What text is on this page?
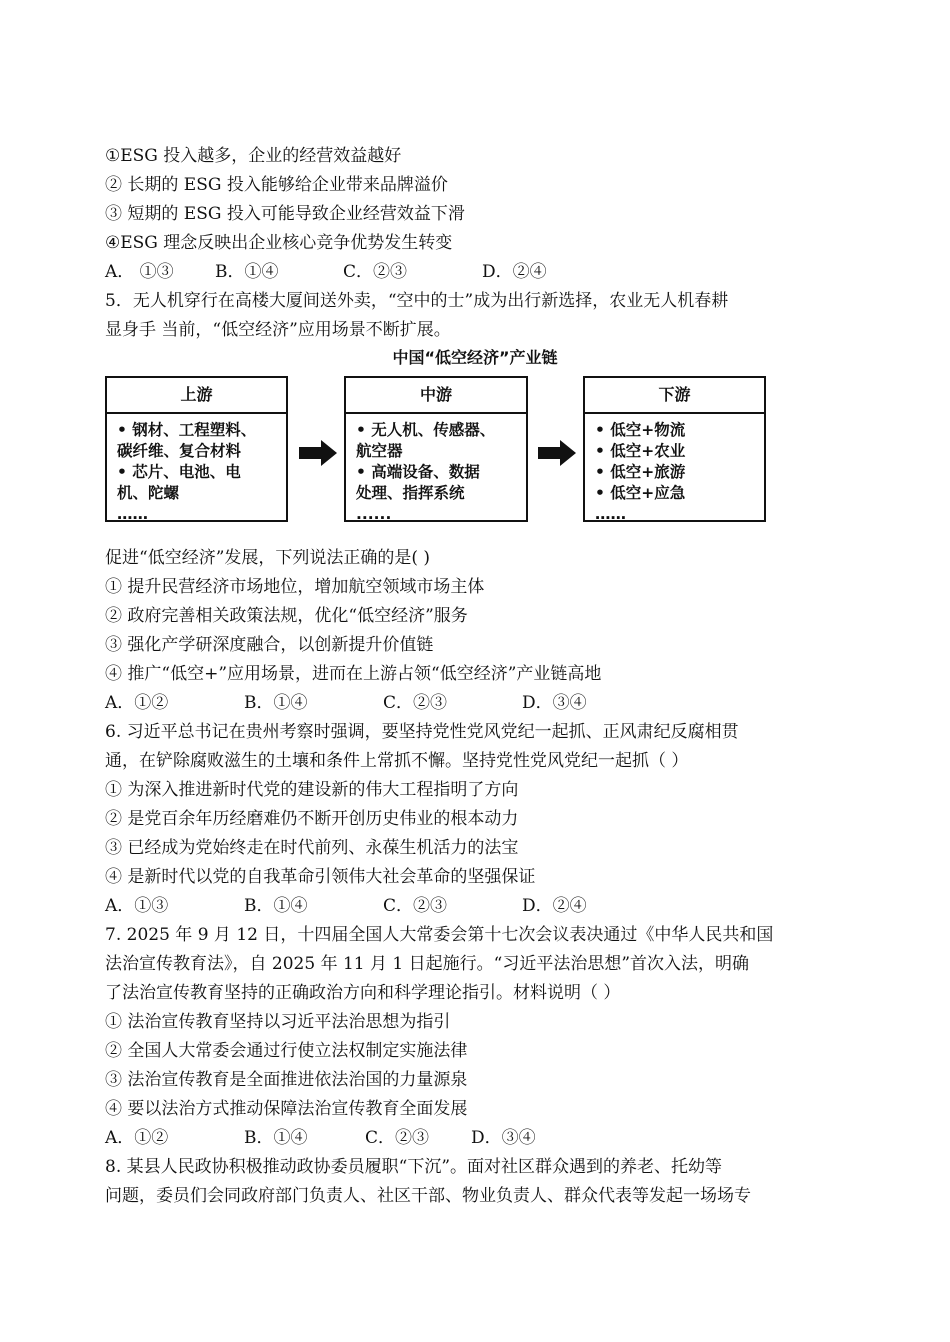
①ESG 投入越多，企业的经营效益越好
② 长期的 ESG 投入能够给企业带来品牌溢价
③ 短期的 ESG 投入可能导致企业经营效益下滑
④ESG 理念反映出企业核心竞争优势发生转变
A． ①③ B．①④	C．②③	D．②④
5．无人机穿行在高楼大厦间送外卖，“空中的士”成为出行新选择，农业无人机春耕
显身手 当前，“低空经济”应用场景不断扩展。
中国“低空经济”产业链
上游
• 钢材、工程塑料、
碳纤维、复合材料
• 芯片、电池、电
机、陀螺
……
中游
• 无人机、传感器、
航空器
• 高端设备、数据
处理、指挥系统
......
下游
• 低空+物流
• 低空+农业
• 低空+旅游
• 低空+应急
……
促进“低空经济”发展，下列说法正确的是( )
① 提升民营经济市场地位，增加航空领域市场主体
② 政府完善相关政策法规，优化“低空经济”服务
③ 强化产学研深度融合，以创新提升价值链
④ 推广“低空+”应用场景，进而在上游占领“低空经济”产业链高地
A．①②	B．①④	C．②③	D．③④
6. 习近平总书记在贵州考察时强调，要坚持党性党风党纪一起抓、正风肃纪反腐相贯
通，在铲除腐败滋生的土壤和条件上常抓不懈。坚持党性党风党纪一起抓（ ）
① 为深入推进新时代党的建设新的伟大工程指明了方向
② 是党百余年历经磨难仍不断开创历史伟业的根本动力
③ 已经成为党始终走在时代前列、永葆生机活力的法宝
④ 是新时代以党的自我革命引领伟大社会革命的坚强保证
A．①③	B．①④	C．②③	D．②④
7. 2025 年 9 月 12 日，十四届全国人大常委会第十七次会议表决通过《中华人民共和国
法治宣传教育法》，自 2025 年 11 月 1 日起施行。“习近平法治思想”首次入法，明确
了法治宣传教育坚持的正确政治方向和科学理论指引。材料说明（ ）
① 法治宣传教育坚持以习近平法治思想为指引
② 全国人大常委会通过行使立法权制定实施法律
③ 法治宣传教育是全面推进依法治国的力量源泉
④ 要以法治方式推动保障法治宣传教育全面发展
A．①②	B．①④	C．②③ D．③④
8. 某县人民政协积极推动政协委员履职“下沉”。面对社区群众遇到的养老、托幼等
问题，委员们会同政府部门负责人、社区干部、物业负责人、群众代表等发起一场场专
